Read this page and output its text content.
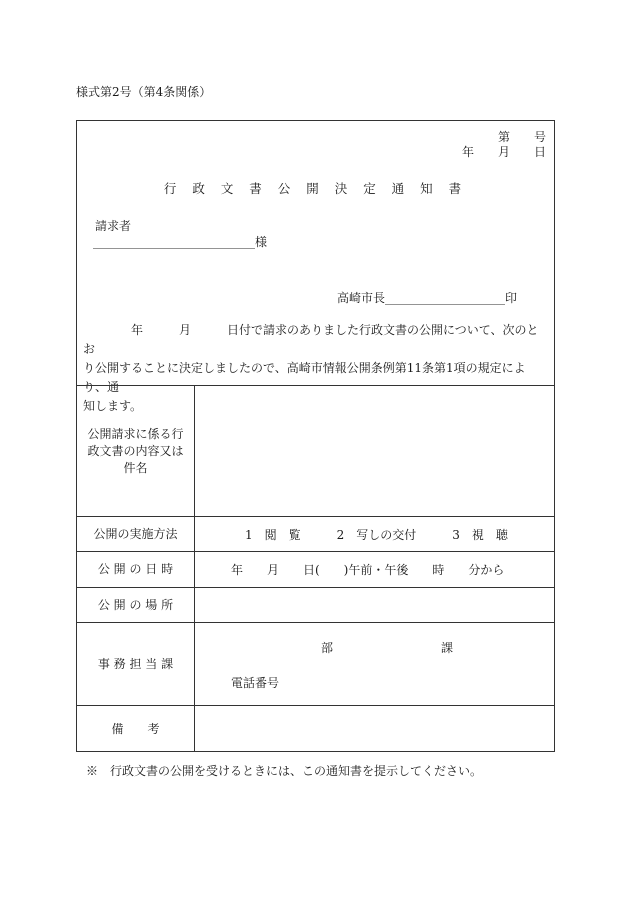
様式第2号（第4条関係）
第　　号
年　　月　　日
行 政 文 書 公 開 決 定 通 知 書
請求者
___________________________様
高崎市長____________________印

　　　　年　　　月　　　日付で請求のありました行政文書の公開について、次のとお

り公開することに決定しましたので、高崎市情報公開条例第11条第1項の規定により、通

知します。

公開請求に係る行政文書の内容又は件名
公開の実施方法	1　閲　覧　　　2　写しの交付　　　3　視　聴
公 開 の 日 時	年　　月　　日(　　)午前・午後　　時　　分から
公 開 の 場 所
事 務 担 当 課
部　　　　　　　　　課
電話番号
備　　考
※　行政文書の公開を受けるときには、この通知書を提示してください。
